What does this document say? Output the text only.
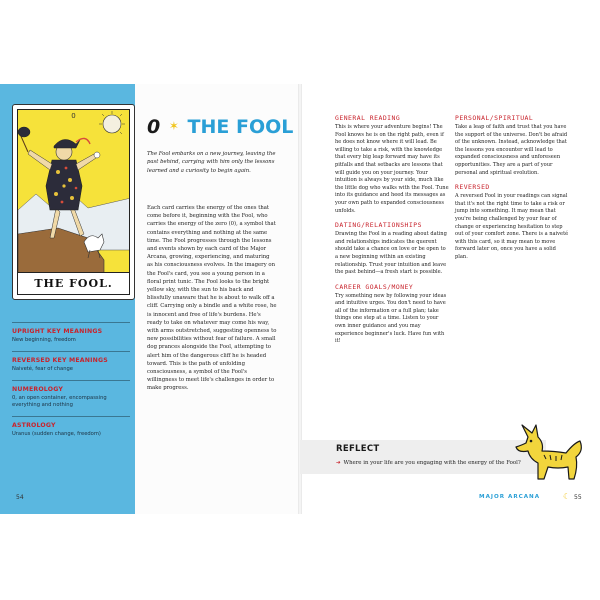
0
THE FOOL.
UPRIGHT KEY MEANINGS

New beginning, freedom

REVERSED KEY MEANINGS

Naiveté, fear of change

NUMEROLOGY

0, an open container, encompassing everything and nothing

ASTROLOGY

Uranus (sudden change, freedom)

54
0 ✶ THE FOOL

The Fool embarks on a new journey, leaving the past behind, carrying with him only the lessons learned and a curiosity to begin again.

Each card carries the energy of the ones that come before it, beginning with the Fool, who carries the energy of the zero (0), a symbol that contains everything and nothing at the same time. The Fool progresses through the lessons and events shown by each card of the Major Arcana, growing, experiencing, and maturing as his consciousness evolves. In the imagery on the Fool's card, you see a young person in a floral print tunic. The Fool looks to the bright yellow sky, with the sun to his back and blissfully unaware that he is about to walk off a cliff. Carrying only a bindle and a white rose, he is innocent and free of life's burdens. He's ready to take on whatever may come his way, with arms outstretched, suggesting openness to new possibilities without fear of failure. A small dog prances alongside the Fool, attempting to alert him of the dangerous cliff he is headed toward. This is the path of unfolding consciousness, a symbol of the Fool's willingness to meet life's challenges in order to make progress.

GENERAL READING

This is where your adventure begins! The Fool knows he is on the right path, even if he does not know where it will lead. Be willing to take a risk, with the knowledge that every big leap forward may have its pitfalls and that setbacks are lessons that will guide you on your journey. Your intuition is always by your side, much like the little dog who walks with the Fool. Tune into its guidance and heed its messages as your own path to expanded consciousness unfolds.

DATING/RELATIONSHIPS

Drawing the Fool in a reading about dating and relationships indicates the querent should take a chance on love or be open to a new beginning within an existing relationship. Trust your intuition and leave the past behind—a fresh start is possible.

CAREER GOALS/MONEY

Try something new by following your ideas and intuitive urges. You don't need to have all of the information or a full plan; take things one step at a time. Listen to your own inner guidance and you may experience beginner's luck. Have fun with it!

PERSONAL/SPIRITUAL

Take a leap of faith and trust that you have the support of the universe. Don't be afraid of the unknown. Instead, acknowledge that the lessons you encounter will lead to expanded consciousness and unforeseen opportunities. They are a part of your personal and spiritual evolution.

REVERSED

A reversed Fool in your readings can signal that it's not the right time to take a risk or jump into something. It may mean that you're being challenged by your fear of change or experiencing hesitation to step out of your comfort zone. There is a naiveté with this card, so it may mean to move forward later on, once you have a solid plan.

REFLECT

➔ Where in your life are you engaging with the energy of the Fool?

MAJOR ARCANA	☾ 55
